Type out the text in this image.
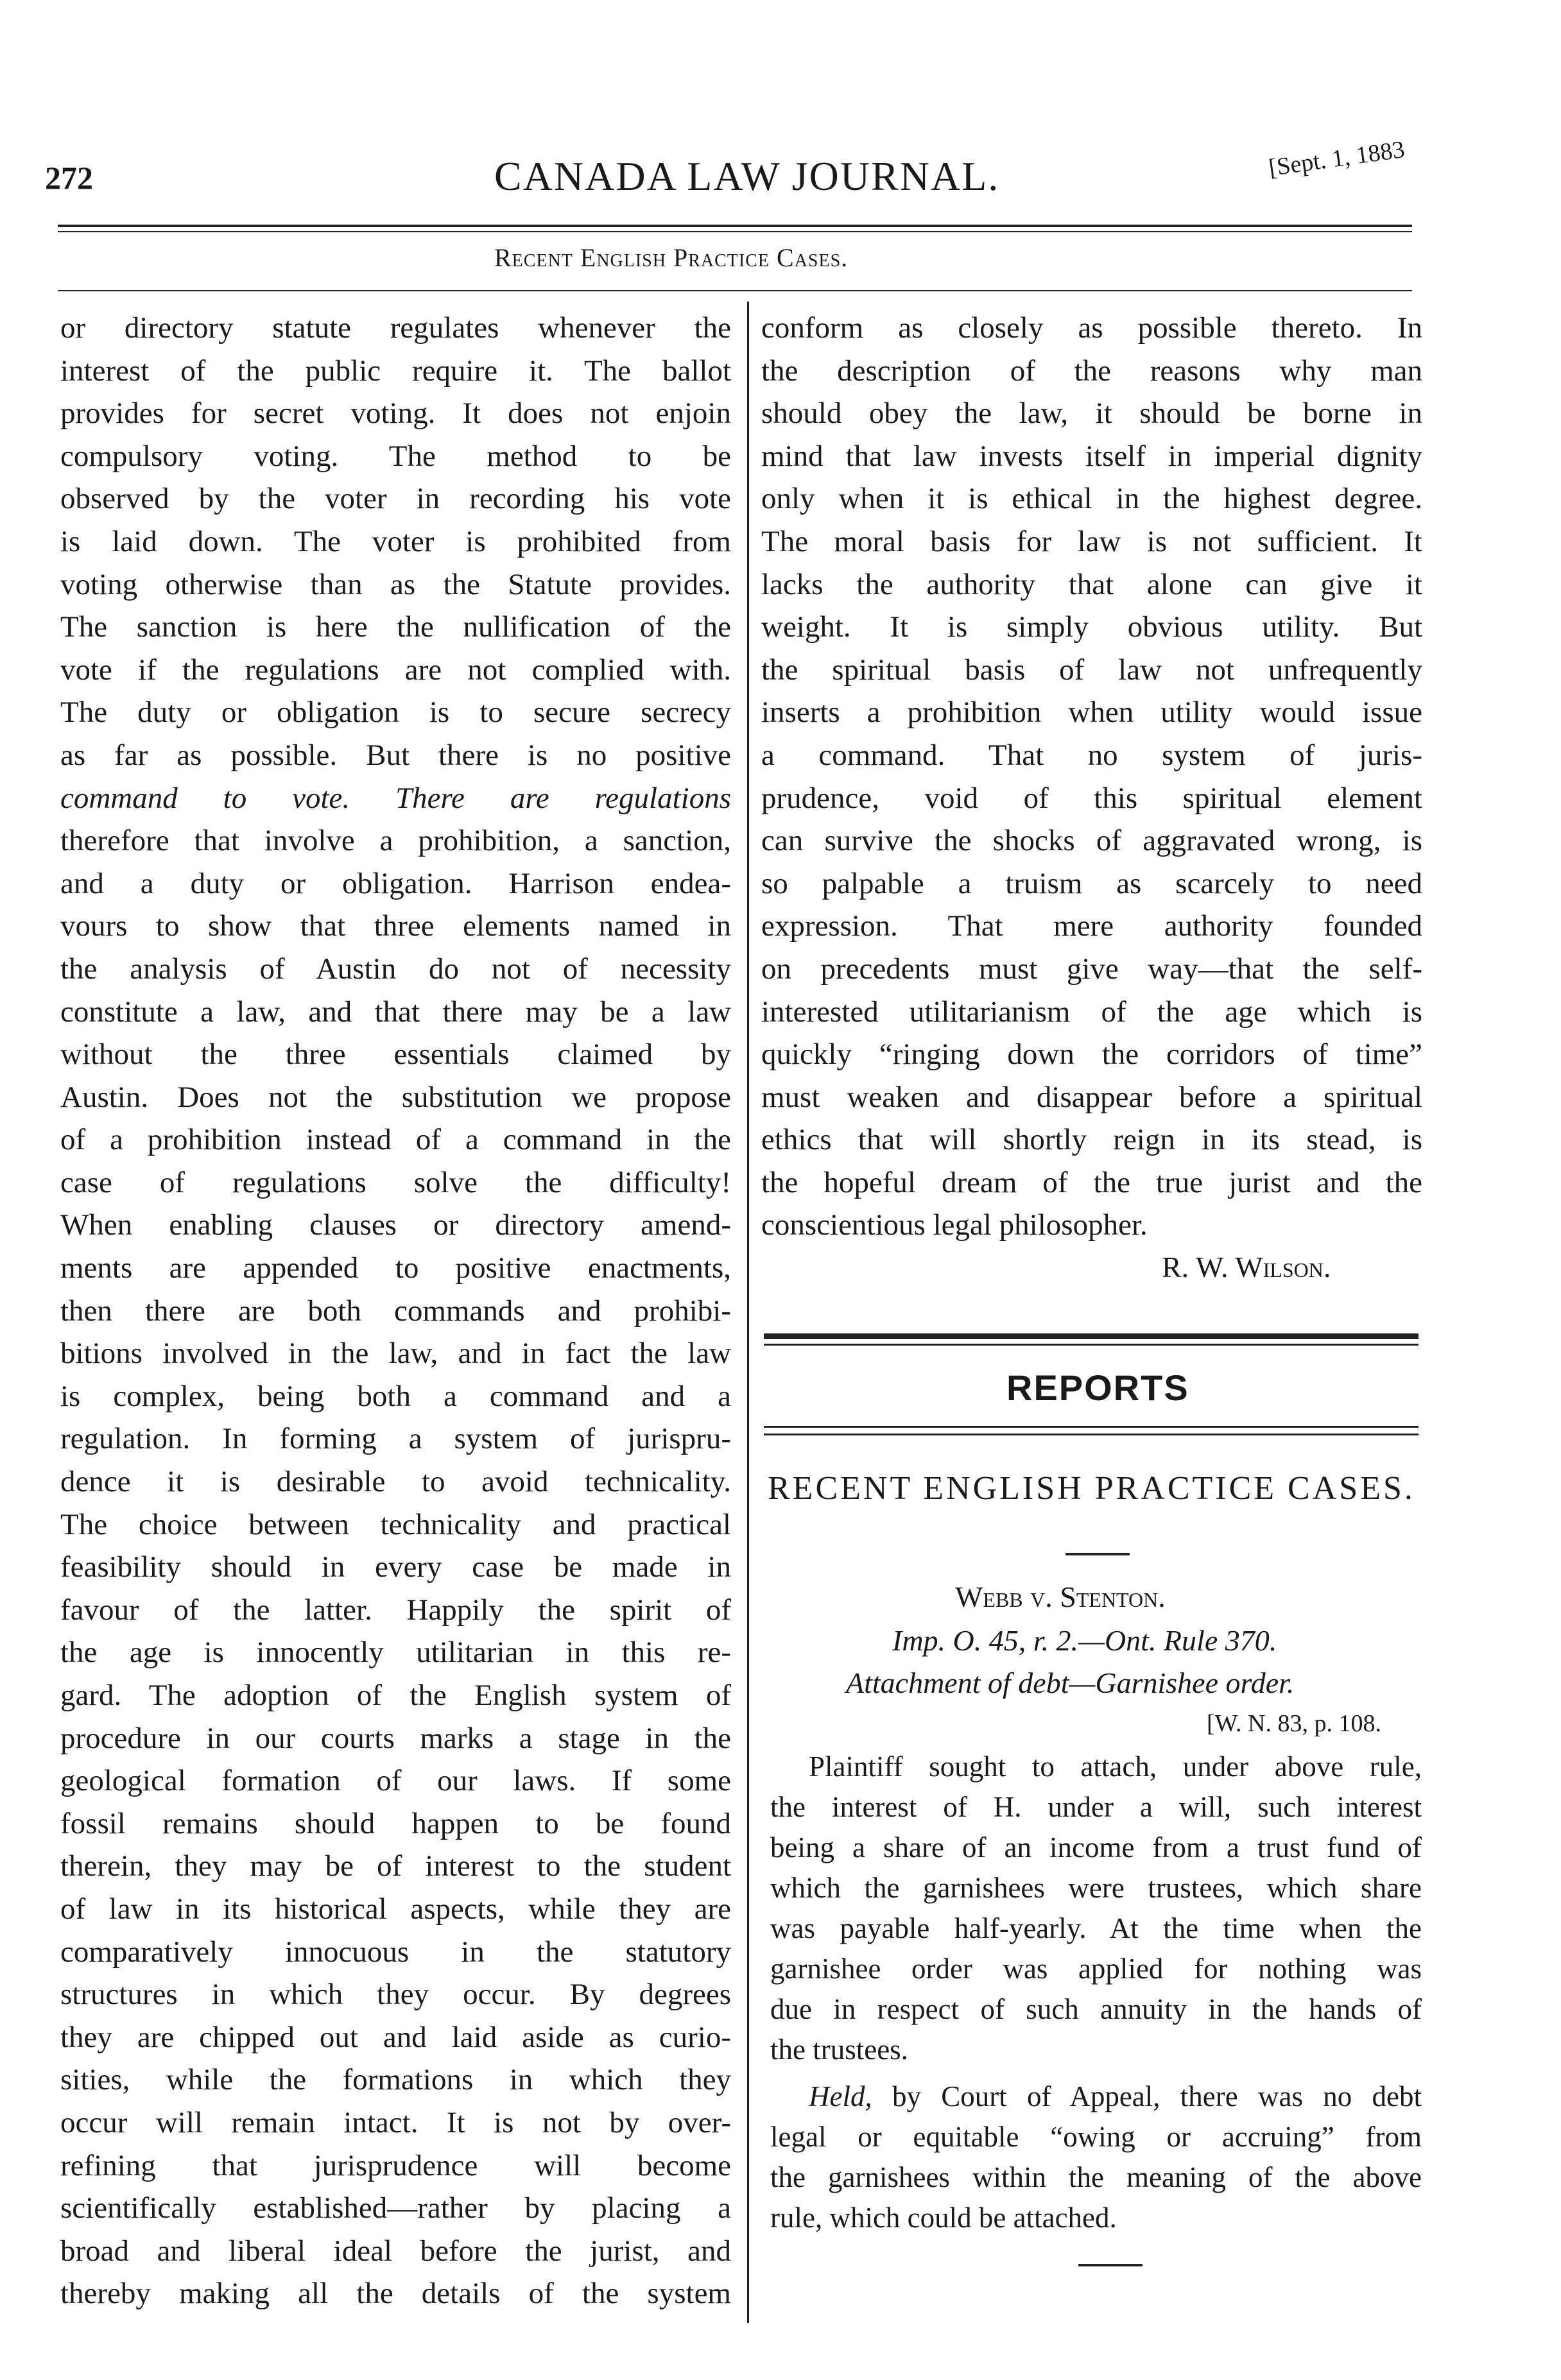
272	CANADA LAW JOURNAL.	[Sept. 1, 1883
Recent English Practice Cases.
or directory statute regulates whenever the
interest of the public require it. The ballot
provides for secret voting. It does not enjoin
compulsory voting. The method to be
observed by the voter in recording his vote
is laid down. The voter is prohibited from
voting otherwise than as the Statute provides.
The sanction is here the nullification of the
vote if the regulations are not complied with.
The duty or obligation is to secure secrecy
as far as possible. But there is no positive
command to vote. There are regulations
therefore that involve a prohibition, a sanction,
and a duty or obligation. Harrison endea-
vours to show that three elements named in
the analysis of Austin do not of necessity
constitute a law, and that there may be a law
without the three essentials claimed by
Austin. Does not the substitution we propose
of a prohibition instead of a command in the
case of regulations solve the difficulty!
When enabling clauses or directory amend-
ments are appended to positive enactments,
then there are both commands and prohibi-
bitions involved in the law, and in fact the law
is complex, being both a command and a
regulation. In forming a system of jurispru-
dence it is desirable to avoid technicality.
The choice between technicality and practical
feasibility should in every case be made in
favour of the latter. Happily the spirit of
the age is innocently utilitarian in this re-
gard. The adoption of the English system of
procedure in our courts marks a stage in the
geological formation of our laws. If some
fossil remains should happen to be found
therein, they may be of interest to the student
of law in its historical aspects, while they are
comparatively innocuous in the statutory
structures in which they occur. By degrees
they are chipped out and laid aside as curio-
sities, while the formations in which they
occur will remain intact. It is not by over-
refining that jurisprudence will become
scientifically established—rather by placing a
broad and liberal ideal before the jurist, and
thereby making all the details of the system
conform as closely as possible thereto. In
the description of the reasons why man
should obey the law, it should be borne in
mind that law invests itself in imperial dignity
only when it is ethical in the highest degree.
The moral basis for law is not sufficient. It
lacks the authority that alone can give it
weight. It is simply obvious utility. But
the spiritual basis of law not unfrequently
inserts a prohibition when utility would issue
a command. That no system of juris-
prudence, void of this spiritual element
can survive the shocks of aggravated wrong, is
so palpable a truism as scarcely to need
expression. That mere authority founded
on precedents must give way—that the self-
interested utilitarianism of the age which is
quickly “ringing down the corridors of time”
must weaken and disappear before a spiritual
ethics that will shortly reign in its stead, is
the hopeful dream of the true jurist and the
conscientious legal philosopher.
R. W. Wilson.
REPORTS
RECENT ENGLISH PRACTICE CASES.
Webb v. Stenton.
Imp. O. 45, r. 2.—Ont. Rule 370.
Attachment of debt—Garnishee order.
[W. N. 83, p. 108.
Plaintiff sought to attach, under above rule,
the interest of H. under a will, such interest
being a share of an income from a trust fund of
which the garnishees were trustees, which share
was payable half-yearly. At the time when the
garnishee order was applied for nothing was
due in respect of such annuity in the hands of
the trustees.
Held, by Court of Appeal, there was no debt
legal or equitable “owing or accruing” from
the garnishees within the meaning of the above
rule, which could be attached.
